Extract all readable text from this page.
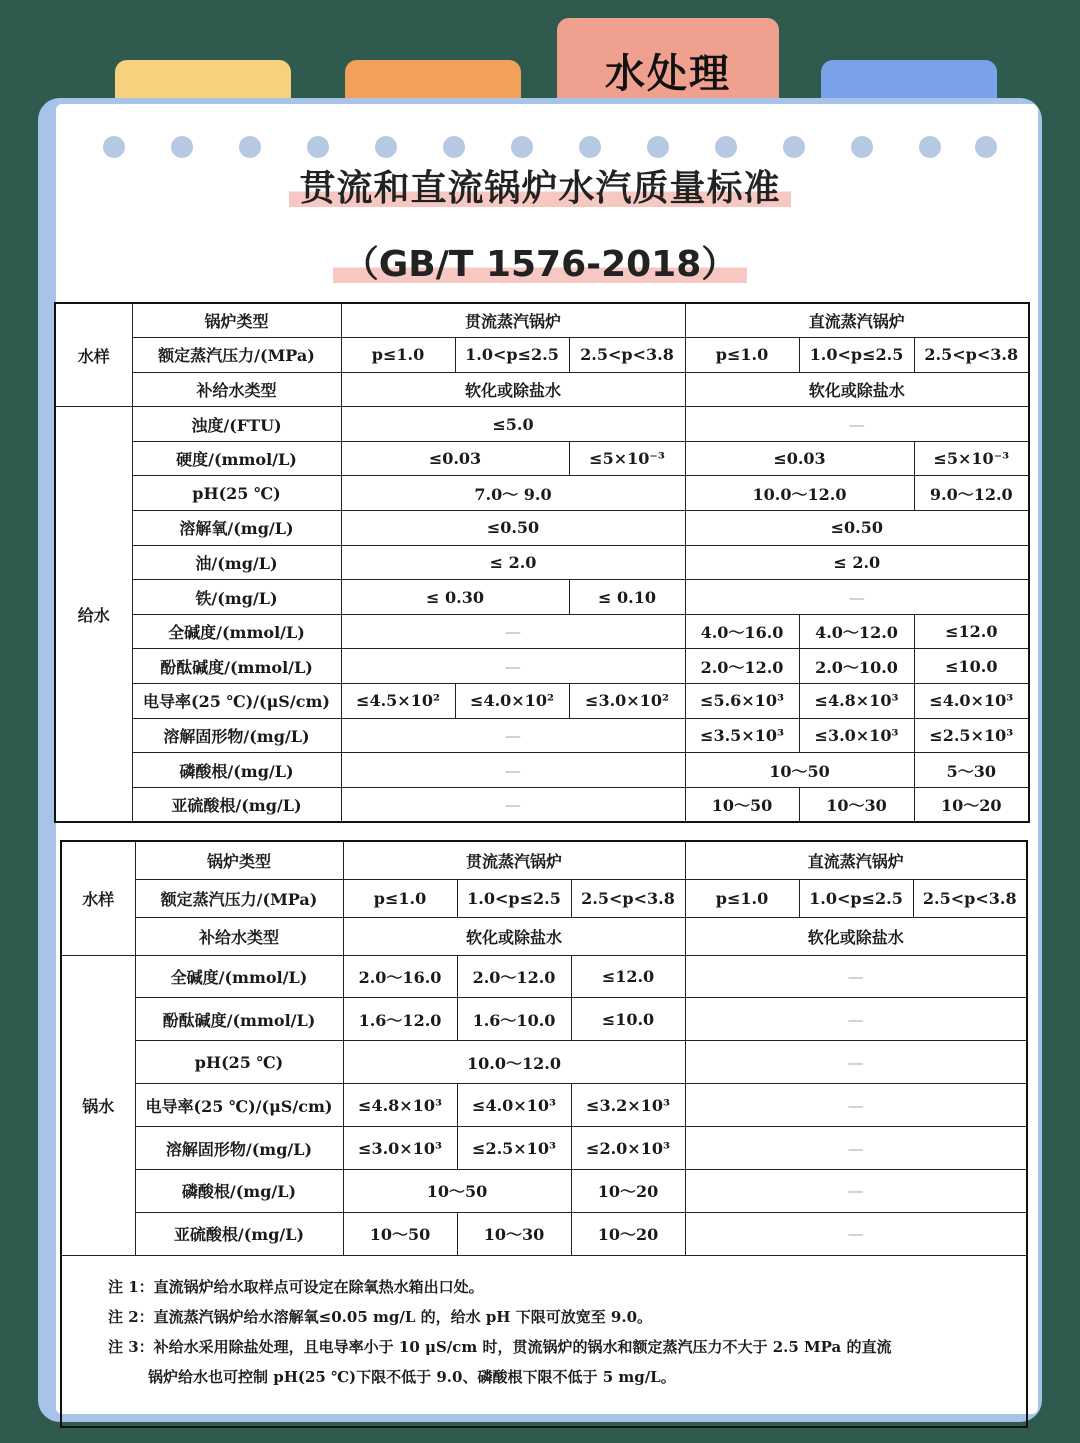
水处理
贯流和直流锅炉水汽质量标准
（GB/T 1576-2018）
水样	锅炉类型	贯流蒸汽锅炉			直流蒸汽锅炉		
	额定蒸汽压力/(MPa)	p≤1.0	1.0<p≤2.5	2.5<p<3.8	p≤1.0	1.0<p≤2.5	2.5<p<3.8
	补给水类型	软化或除盐水			软化或除盐水		
给水	浊度/(FTU)	≤5.0			—		
	硬度/(mmol/L)	≤0.03		≤5×10⁻³	≤0.03		≤5×10⁻³
	pH(25 ℃)	7.0～ 9.0			10.0～12.0		9.0～12.0
	溶解氧/(mg/L)	≤0.50			≤0.50		
	油/(mg/L)	≤ 2.0			≤ 2.0		
	铁/(mg/L)	≤ 0.30		≤ 0.10	—		
	全碱度/(mmol/L)	—			4.0～16.0	4.0～12.0	≤12.0
	酚酞碱度/(mmol/L)	—			2.0～12.0	2.0～10.0	≤10.0
	电导率(25 ℃)/(μS/cm)	≤4.5×10²	≤4.0×10²	≤3.0×10²	≤5.6×10³	≤4.8×10³	≤4.0×10³
	溶解固形物/(mg/L)	—			≤3.5×10³	≤3.0×10³	≤2.5×10³
	磷酸根/(mg/L)	—			10～50		5～30
	亚硫酸根/(mg/L)	—			10～50	10～30	10～20
水样	锅炉类型	贯流蒸汽锅炉			直流蒸汽锅炉		
	额定蒸汽压力/(MPa)	p≤1.0	1.0<p≤2.5	2.5<p<3.8	p≤1.0	1.0<p≤2.5	2.5<p<3.8
	补给水类型	软化或除盐水			软化或除盐水		
锅水	全碱度/(mmol/L)	2.0～16.0	2.0～12.0	≤12.0	—		
	酚酞碱度/(mmol/L)	1.6～12.0	1.6～10.0	≤10.0	—		
	pH(25 ℃)	10.0～12.0			—		
	电导率(25 ℃)/(μS/cm)	≤4.8×10³	≤4.0×10³	≤3.2×10³	—		
	溶解固形物/(mg/L)	≤3.0×10³	≤2.5×10³	≤2.0×10³	—		
	磷酸根/(mg/L)	10～50		10～20	—		
	亚硫酸根/(mg/L)	10～50	10～30	10～20	—		

注 1：直流锅炉给水取样点可设定在除氧热水箱出口处。
注 2：直流蒸汽锅炉给水溶解氧≤0.05 mg/L 的，给水 pH 下限可放宽至 9.0。
注 3：补给水采用除盐处理，且电导率小于 10 μS/cm 时，贯流锅炉的锅水和额定蒸汽压力不大于 2.5 MPa 的直流
锅炉给水也可控制 pH(25 ℃)下限不低于 9.0、磷酸根下限不低于 5 mg/L。							
